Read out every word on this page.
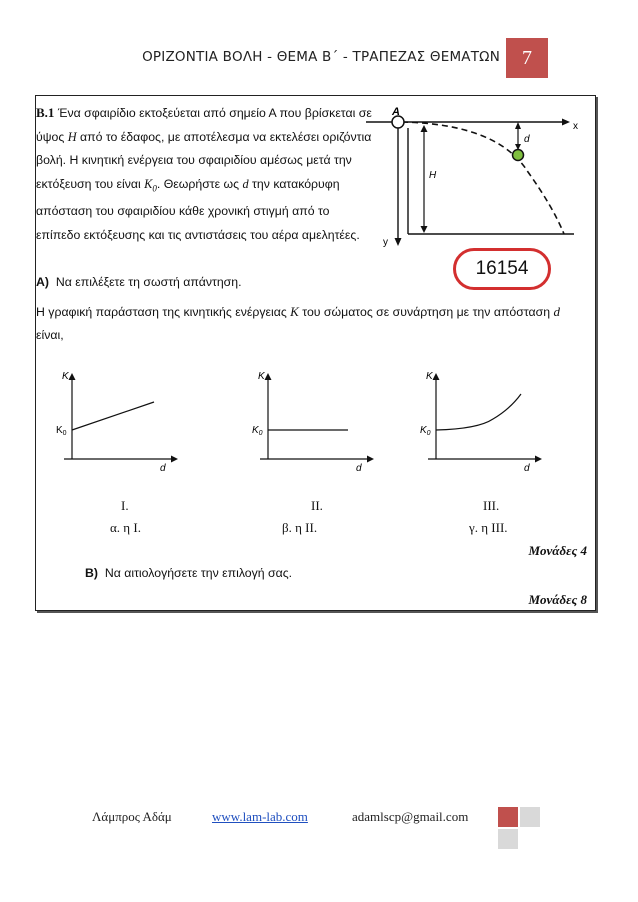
ΟΡΙΖΟΝΤΙΑ ΒΟΛΗ - ΘΕΜΑ Β΄ - ΤΡΑΠΕΖΑΣ ΘΕΜΑΤΩΝ 7
Β.1 Ένα σφαιρίδιο εκτοξεύεται από σημείο Α που βρίσκεται σε ύψος Η από το έδαφος, με αποτέλεσμα να εκτελέσει οριζόντια βολή. Η κινητική ενέργεια του σφαιριδίου αμέσως μετά την εκτόξευση του είναι $K_0$. Θεωρήστε ως d την κατακόρυφη απόσταση του σφαιριδίου κάθε χρονική στιγμή από το επίπεδο εκτόξευσης και τις αντιστάσεις του αέρα αμελητέες.
A
x
y
H
d
16154
Α) Να επιλέξετε τη σωστή απάντηση.
Η γραφική παράσταση της κινητικής ενέργειας Κ του σώματος σε συνάρτηση με την απόσταση d
είναι,
K
d
$K_0$
K
d
$K_0$
K
d
$K_0$
Ι.	ΙΙ.	ΙΙΙ.
α. η Ι.	β. η ΙΙ.	γ. η ΙΙΙ.
Μονάδες 4
Β) Να αιτιολογήσετε την επιλογή σας.
Μονάδες 8
Λάμπρος Αδάμ	www.lam-lab.com	adamlscp@gmail.com
